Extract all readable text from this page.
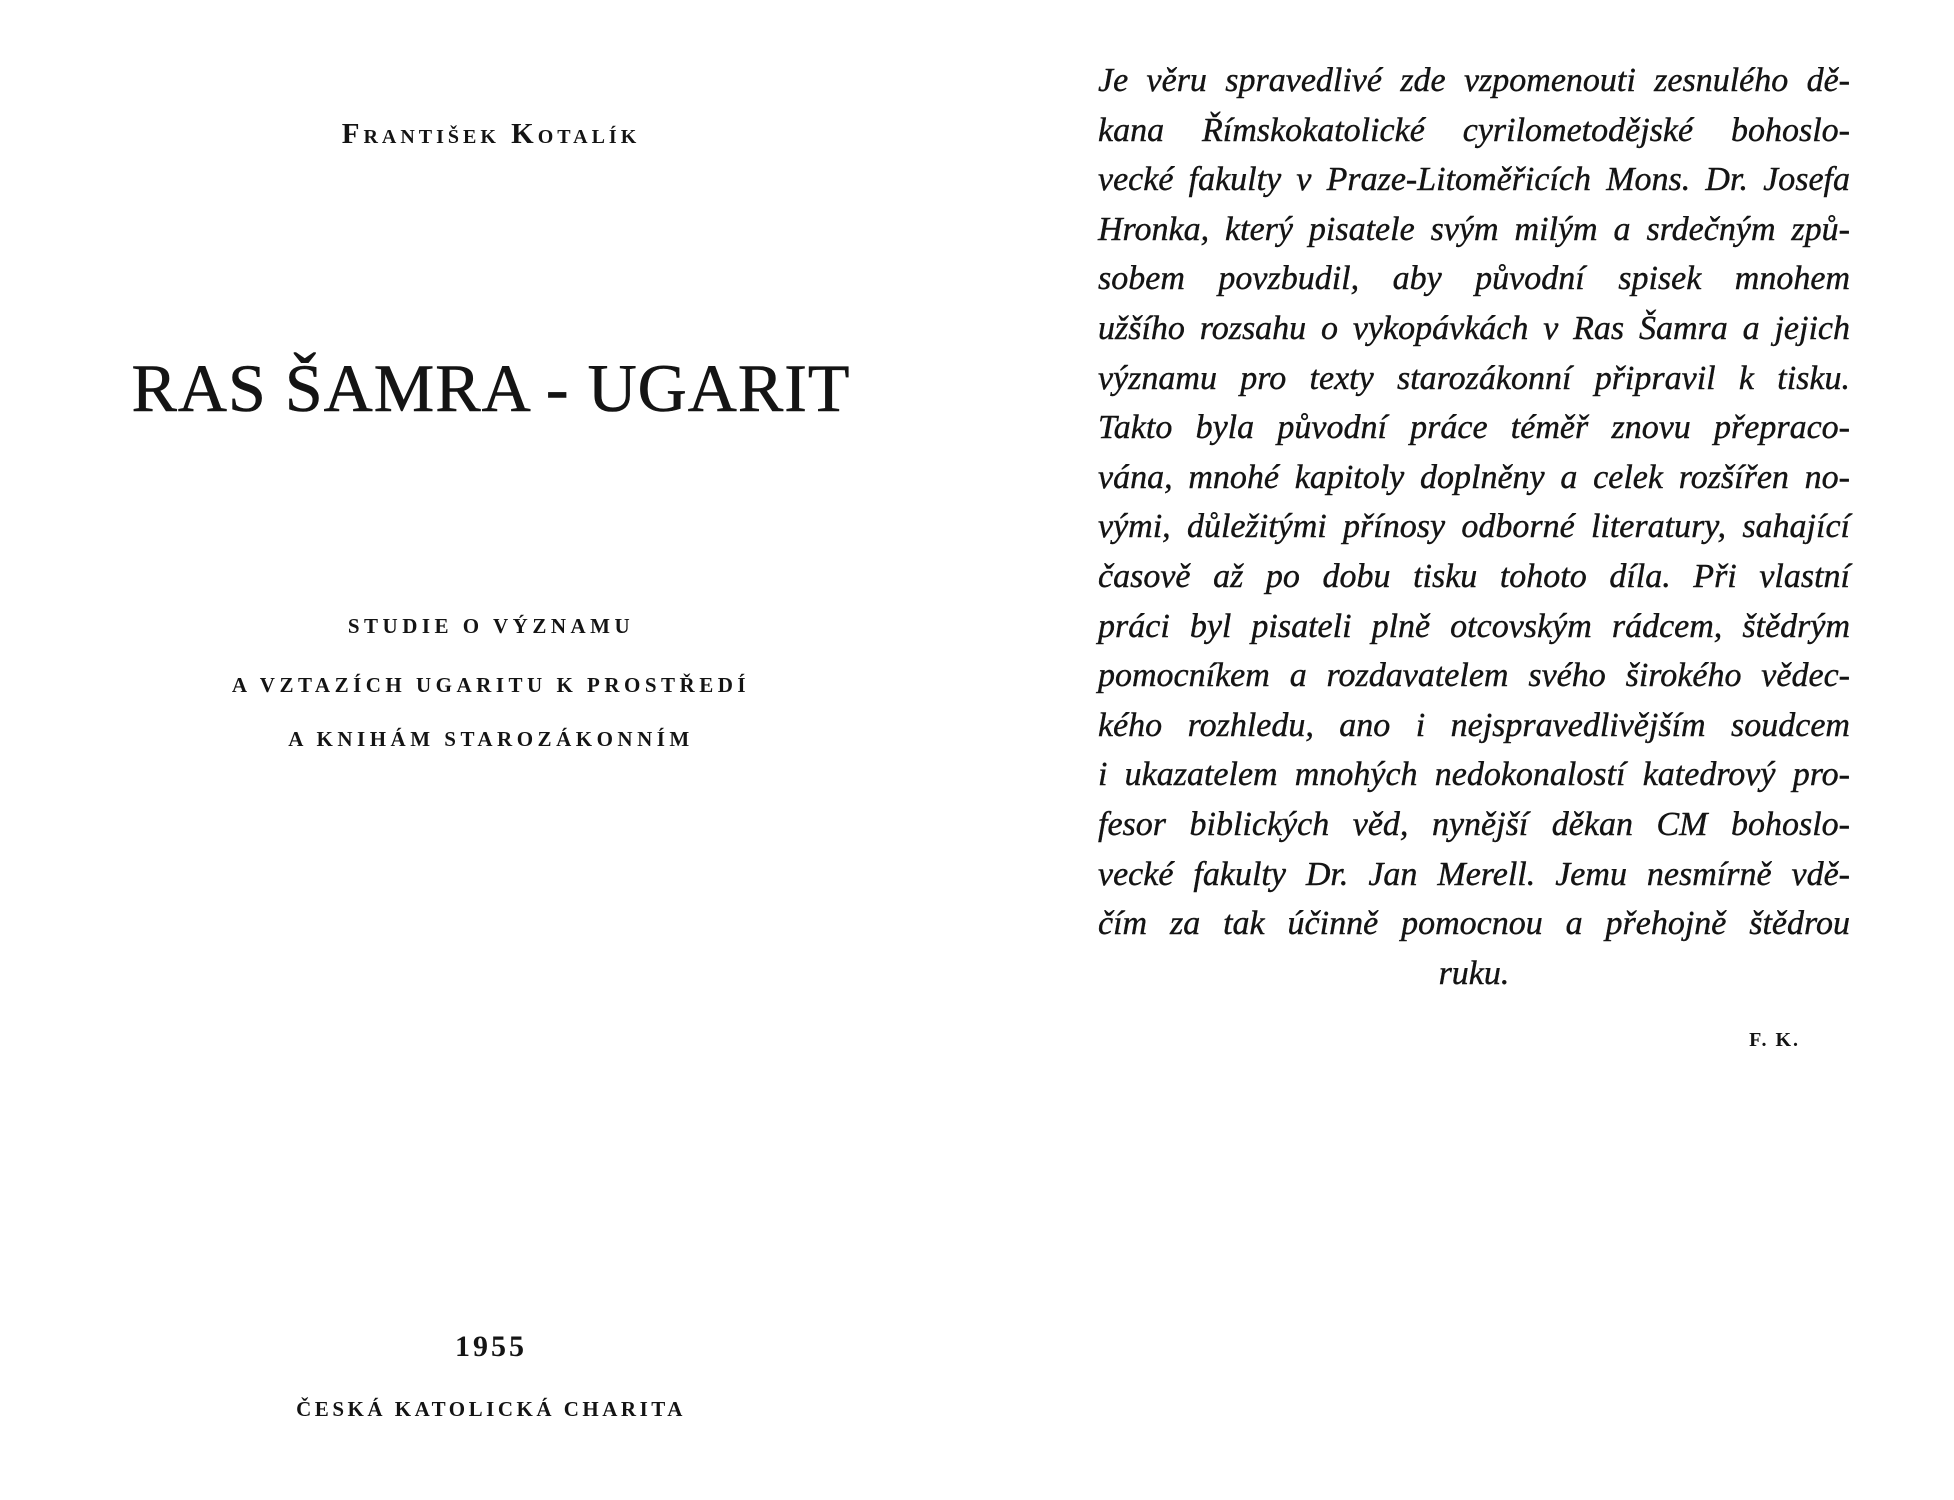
František Kotalík
RAS ŠAMRA - UGARIT
STUDIE O VÝZNAMU
A VZTAZÍCH UGARITU K PROSTŘEDÍ
A KNIHÁM STAROZÁKONNÍM
1955
ČESKÁ KATOLICKÁ CHARITA
Je věru spravedlivé zde vzpomenouti zesnulého dě-
kana Římskokatolické cyrilometodějské bohoslo-
vecké fakulty v Praze-Litoměřicích Mons. Dr. Josefa
Hronka, který pisatele svým milým a srdečným způ-
sobem povzbudil, aby původní spisek mnohem
užšího rozsahu o vykopávkách v Ras Šamra a jejich
významu pro texty starozákonní připravil k tisku.
Takto byla původní práce téměř znovu přepraco-
vána, mnohé kapitoly doplněny a celek rozšířen no-
vými, důležitými přínosy odborné literatury, sahající
časově až po dobu tisku tohoto díla. Při vlastní
práci byl pisateli plně otcovským rádcem, štědrým
pomocníkem a rozdavatelem svého širokého vědec-
kého rozhledu, ano i nejspravedlivějším soudcem
i ukazatelem mnohých nedokonalostí katedrový pro-
fesor biblických věd, nynější děkan CM bohoslo-
vecké fakulty Dr. Jan Merell. Jemu nesmírně vdě-
čím za tak účinně pomocnou a přehojně štědrou
ruku.
F. K.
